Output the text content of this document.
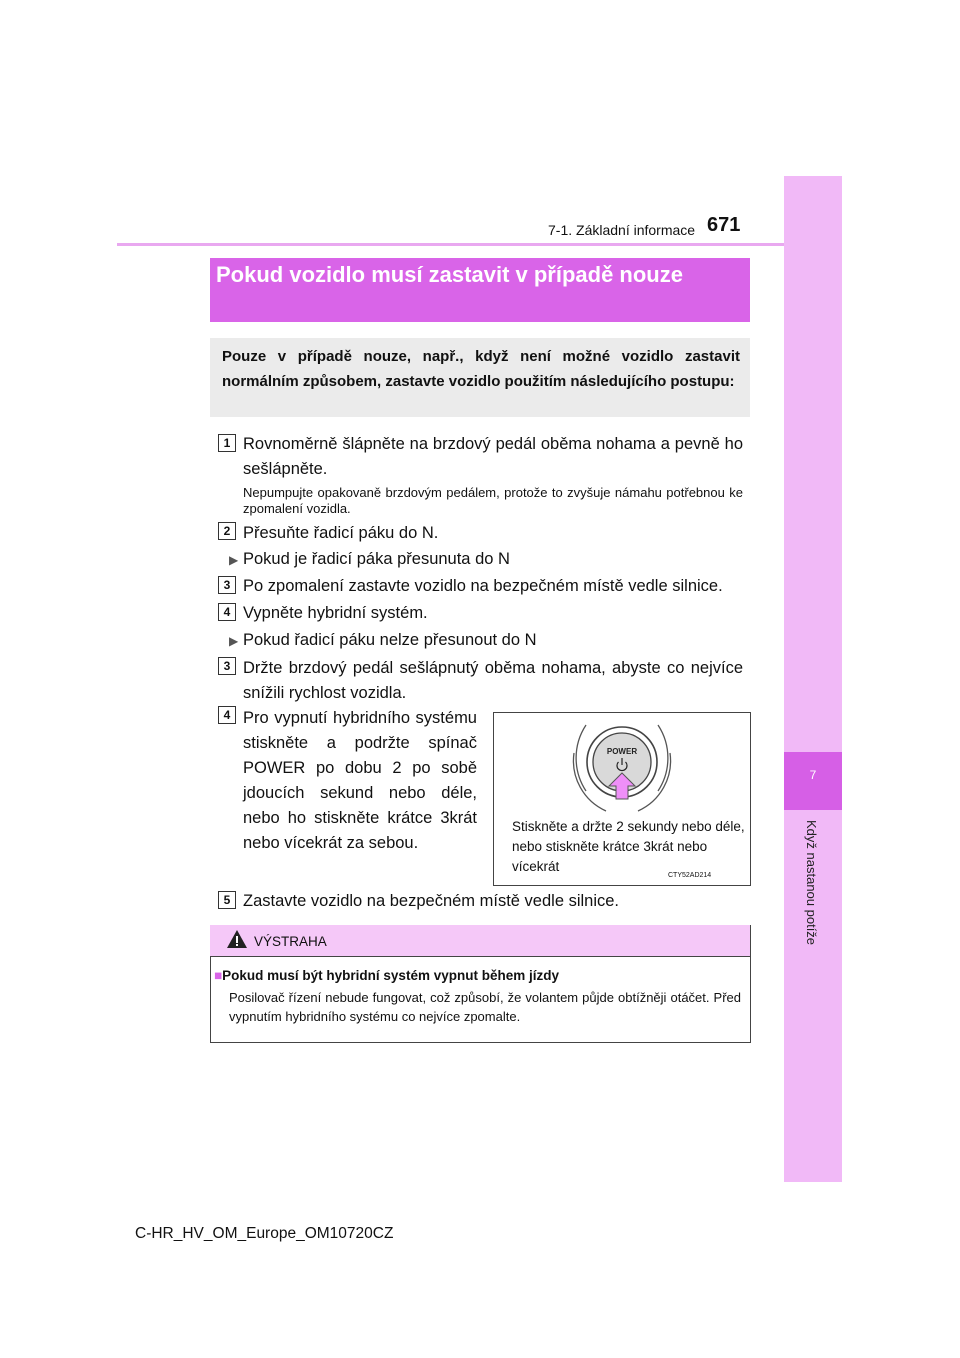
7-1. Základní informace 671
7
Když nastanou potíže
Pokud vozidlo musí zastavit v případě nouze
Pouze v případě nouze, např., když není možné vozidlo zastavit normálním způsobem, zastavte vozidlo použitím následujícího postupu:
1 Rovnoměrně šlápněte na brzdový pedál oběma nohama a pevně ho sešlápněte.
Nepumpujte opakovaně brzdovým pedálem, protože to zvyšuje námahu potřebnou ke zpomalení vozidla.
2 Přesuňte řadicí páku do N.
▶ Pokud je řadicí páka přesunuta do N
3 Po zpomalení zastavte vozidlo na bezpečném místě vedle silnice.
4 Vypněte hybridní systém.
▶ Pokud řadicí páku nelze přesunout do N
3 Držte brzdový pedál sešlápnutý oběma nohama, abyste co nejvíce snížili rychlost vozidla.
4 Pro vypnutí hybridního systému stiskněte a podržte spínač POWER po dobu 2 po sobě jdoucích sekund nebo déle, nebo ho stiskněte krátce 3krát nebo vícekrát za sebou.
POWER
Stiskněte a držte 2 sekundy nebo déle, nebo stiskněte krátce 3krát nebo vícekrát
CTY52AD214
5 Zastavte vozidlo na bezpečném místě vedle silnice.
VÝSTRAHA
■Pokud musí být hybridní systém vypnut během jízdy
Posilovač řízení nebude fungovat, což způsobí, že volantem půjde obtížněji otáčet. Před vypnutím hybridního systému co nejvíce zpomalte.
C-HR_HV_OM_Europe_OM10720CZ
